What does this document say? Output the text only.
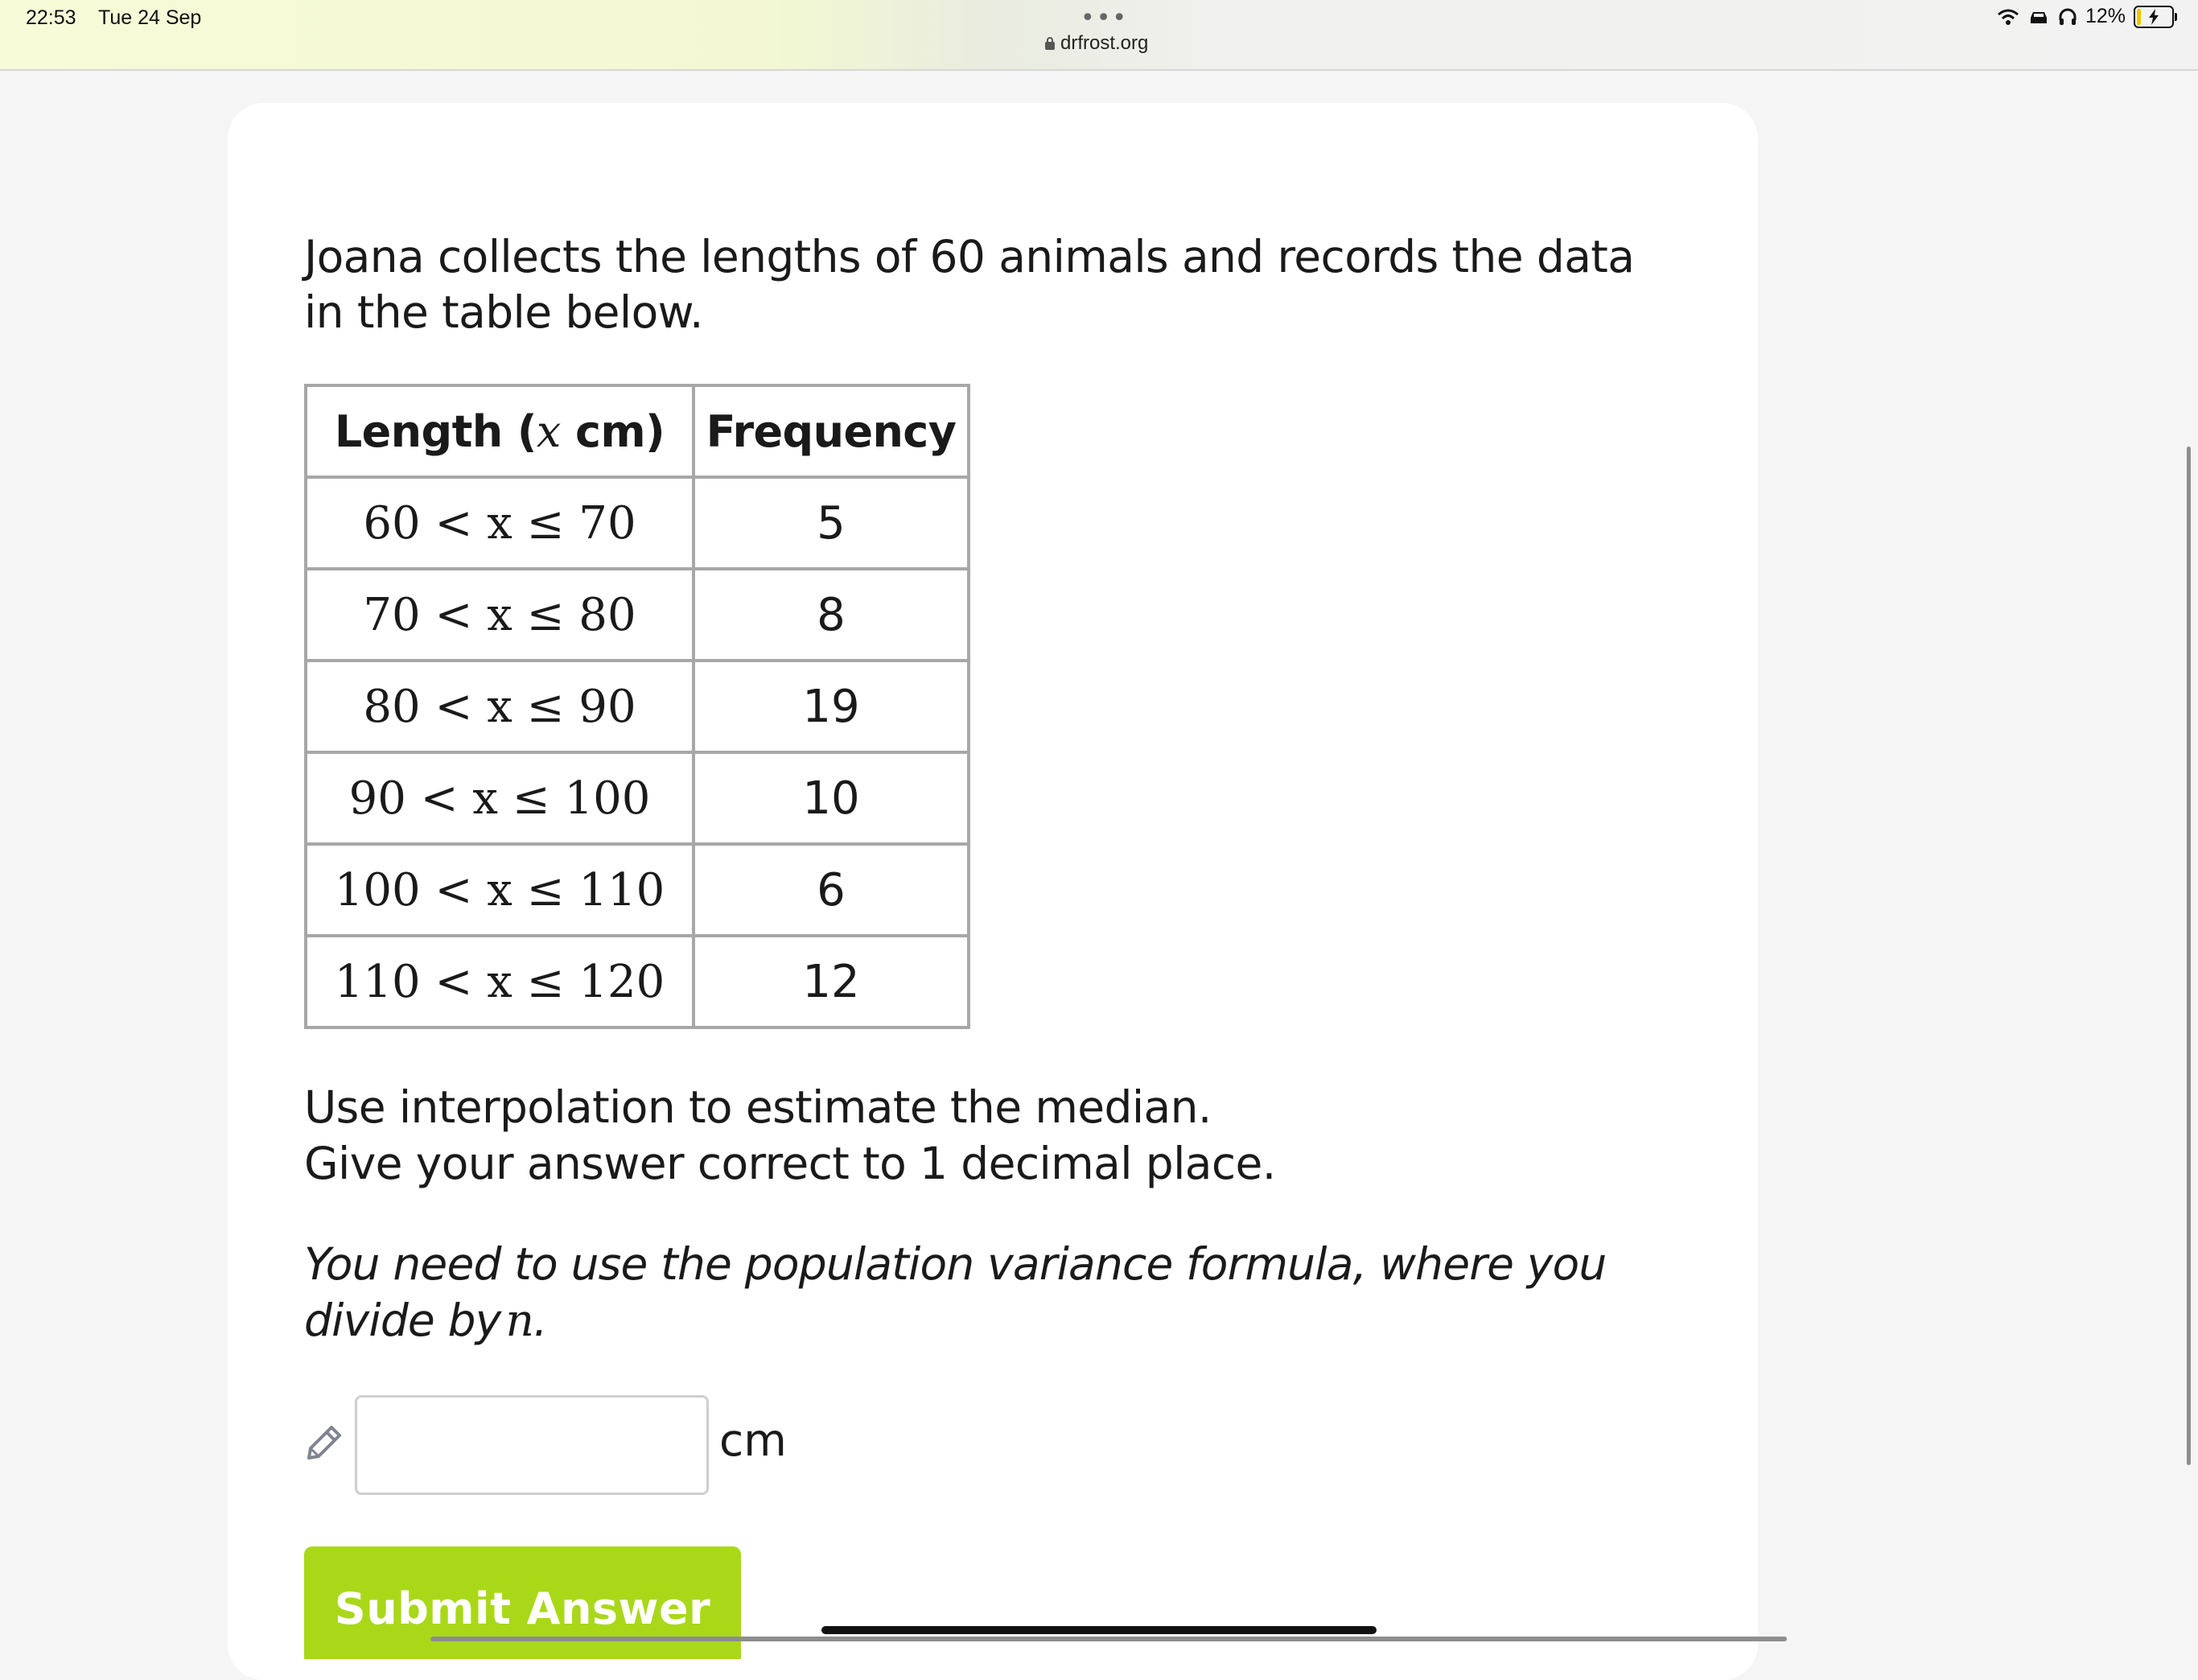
22:53 Tue 24 Sep	•••
drfrost.org
12%
Joana collects the lengths of 60 animals and records the data in the table below.
Length (x cm)	Frequency
60 < x ≤ 70	5
70 < x ≤ 80	8
80 < x ≤ 90	19
90 < x ≤ 100	10
100 < x ≤ 110	6
110 < x ≤ 120	12
Use interpolation to estimate the median.
Give your answer correct to 1 decimal place.
You need to use the population variance formula, where you divide by n.
cm
Submit Answer
